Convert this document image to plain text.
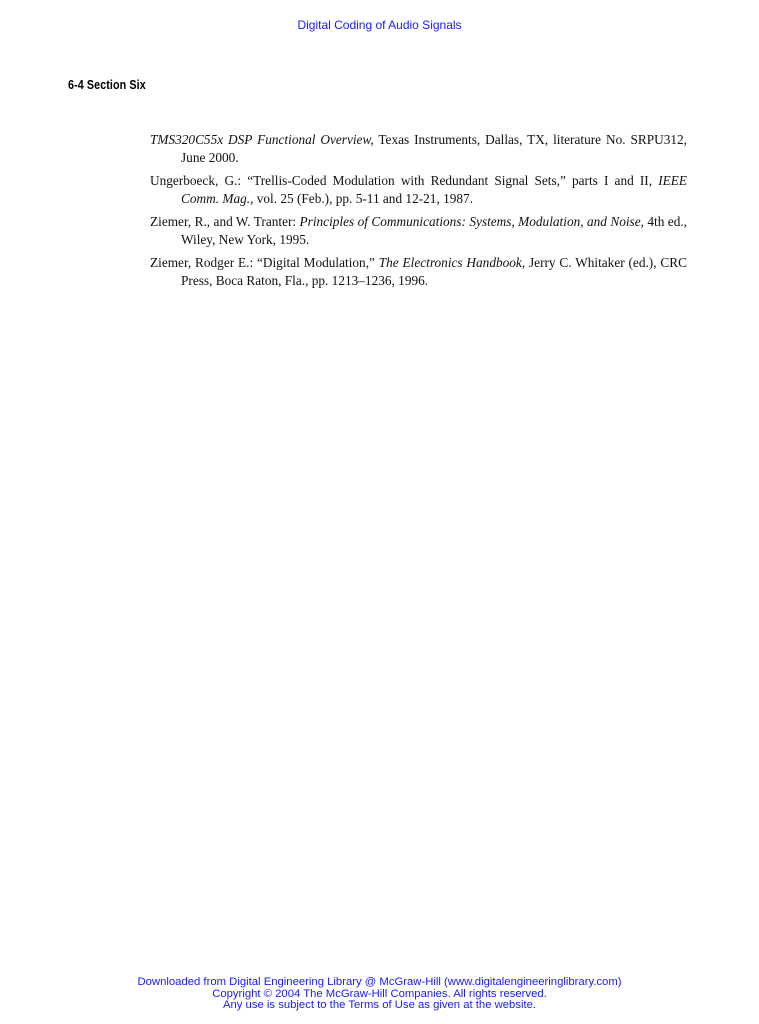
Digital Coding of Audio Signals
6-4 Section Six
TMS320C55x DSP Functional Overview, Texas Instruments, Dallas, TX, literature No. SRPU312, June 2000.
Ungerboeck, G.: “Trellis-Coded Modulation with Redundant Signal Sets,” parts I and II, IEEE Comm. Mag., vol. 25 (Feb.), pp. 5-11 and 12-21, 1987.
Ziemer, R., and W. Tranter: Principles of Communications: Systems, Modulation, and Noise, 4th ed., Wiley, New York, 1995.
Ziemer, Rodger E.: “Digital Modulation,” The Electronics Handbook, Jerry C. Whitaker (ed.), CRC Press, Boca Raton, Fla., pp. 1213–1236, 1996.
Downloaded from Digital Engineering Library @ McGraw-Hill (www.digitalengineeringlibrary.com)
Copyright © 2004 The McGraw-Hill Companies. All rights reserved.
Any use is subject to the Terms of Use as given at the website.
